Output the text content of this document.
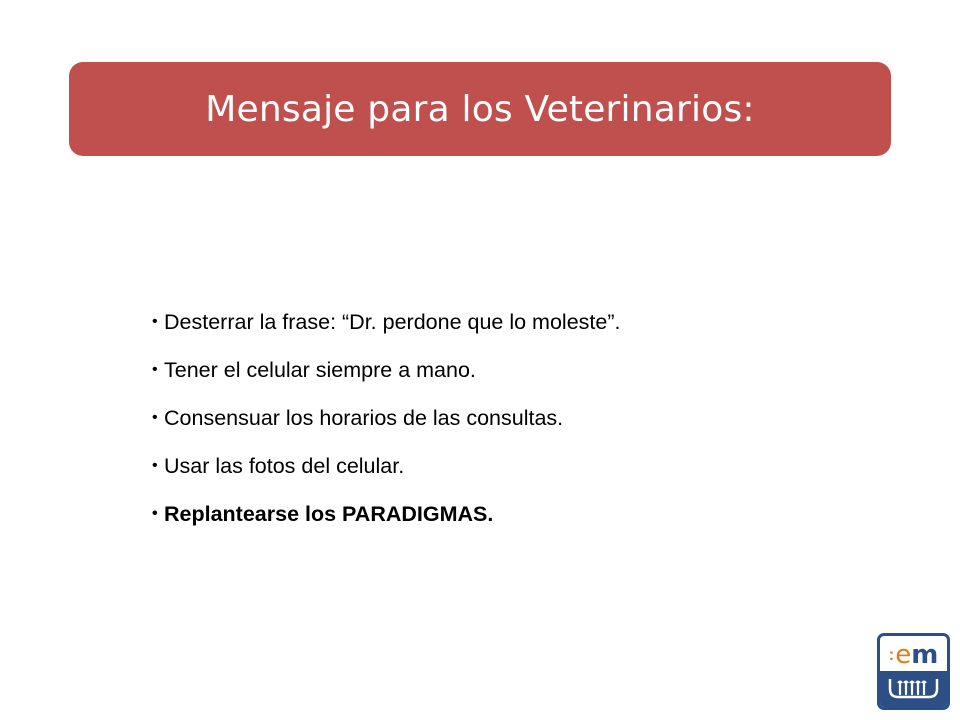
Mensaje para los Veterinarios:
• Desterrar la frase: “Dr. perdone que lo moleste”.
• Tener el celular siempre a mano.
• Consensuar los horarios de las consultas.
• Usar las fotos del celular.
• Replantearse los PARADIGMAS.
: e m
